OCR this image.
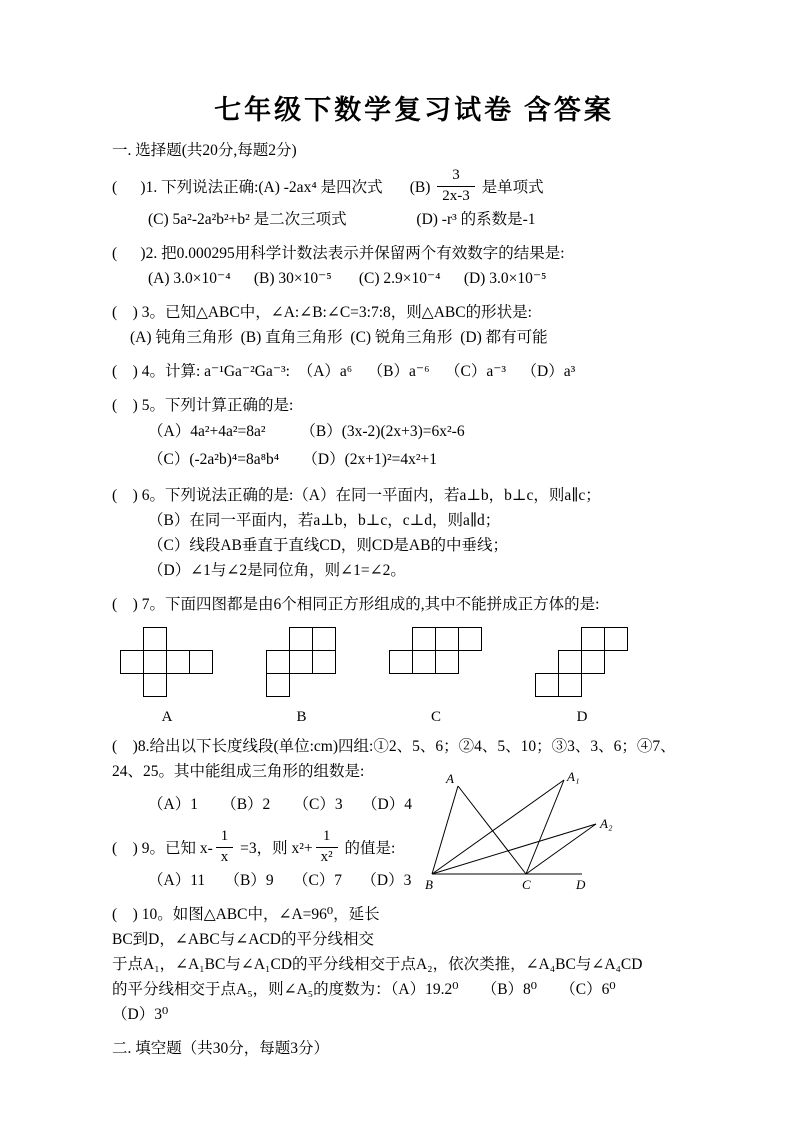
七年级下数学复习试卷 含答案
一. 选择题(共20分,每题2分)
(      )1. 下列说法正确:(A) -2ax⁴ 是四次式       $(B) \frac{3}{2x-3}$ 是单项式
(C) 5a²-2a²b²+b² 是二次三项式                  (D) -r³ 的系数是-1
(      )2. 把0.000295用科学计数法表示并保留两个有效数字的结果是:
(A) 3.0×10⁻⁴      (B) 30×10⁻⁵       (C) 2.9×10⁻⁴      (D) 3.0×10⁻⁵
(    ) 3。已知△ABC中，∠A:∠B:∠C=3:7:8，则△ABC的形状是:
(A) 钝角三角形  (B) 直角三角形  (C) 锐角三角形  (D) 都有可能
(    ) 4。计算: a⁻¹Ga⁻²Ga⁻³:  （A）a⁶    （B）a⁻⁶    （C）a⁻³    （D）a³
(    ) 5。下列计算正确的是:
（A）4a²+4a²=8a²         （B）(3x-2)(2x+3)=6x²-6
（C）(-2a²b)⁴=8a⁸b⁴      （D）(2x+1)²=4x²+1
(    ) 6。下列说法正确的是:（A）在同一平面内，若a⊥b，b⊥c，则a∥c；
（B）在同一平面内，若a⊥b，b⊥c，c⊥d，则a∥d；
（C）线段AB垂直于直线CD，则CD是AB的中垂线；
（D）∠1与∠2是同位角，则∠1=∠2。
(    ) 7。下面四图都是由6个相同正方形组成的,其中不能拼成正方体的是:
A	B	C	D
(    )8.给出以下长度线段(单位:cm)四组:①2、5、6；②4、5、10；③3、3、6；④7、
24、25。其中能组成三角形的组数是:
（A）1      （B）2      （C）3     （D）4
(    ) 9。已知 $x- \frac{1}{x} =3$，则 $x^2+ \frac{1}{\text{x²}}$ 的值是:
（A）11     （B）9     （C）7     （D）3
(    ) 10。如图△ABC中，∠A=96⁰，延长
BC到D，∠ABC与∠ACD的平分线相交
于点A₁，∠A₁BC与∠A₁CD的平分线相交于点A₂，依次类推，∠A₄BC与∠A₄CD
的平分线相交于点A₅，则∠A₅的度数为：（A）19.2⁰      （B）8⁰      （C）6⁰
（D）3⁰
二. 填空题（共30分，每题3分）
B	C	D
A	A₁
A₂
